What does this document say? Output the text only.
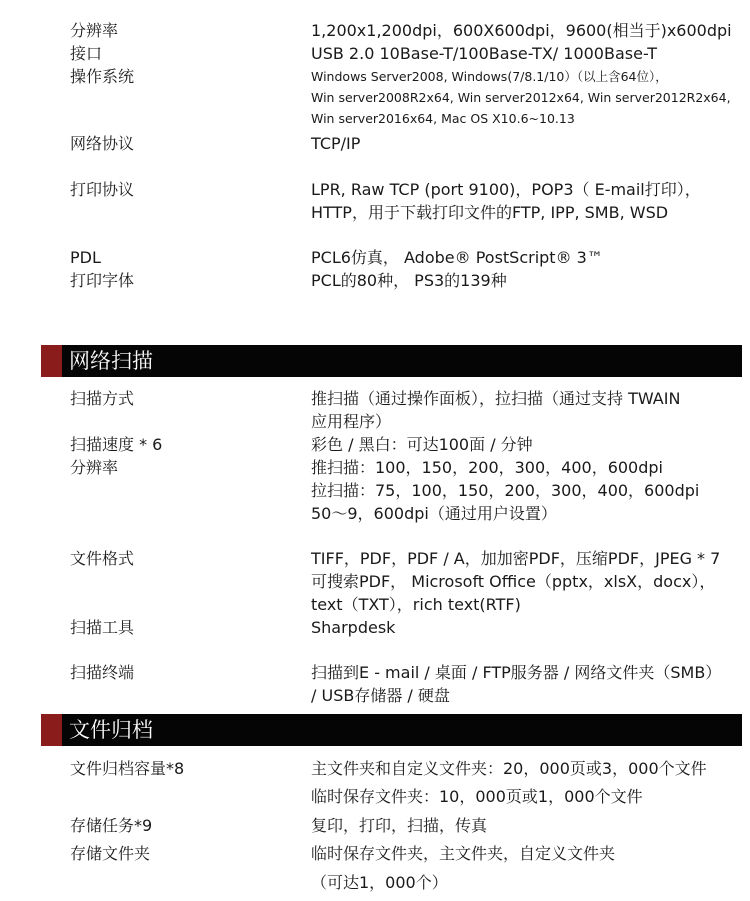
分辨率	1,200x1,200dpi，600X600dpi，9600(相当于)x600dpi
接口	USB 2.0 10Base-T/100Base-TX/ 1000Base-T
操作系统	Windows Server2008, Windows(7/8.1/10）（以上含64位），
Win server2008R2x64, Win server2012x64, Win server2012R2x64,
Win server2016x64, Mac OS X10.6~10.13
网络协议	TCP/IP
打印协议	LPR, Raw TCP (port 9100)，POP3（ E-mail打印），
HTTP，用于下载打印文件的FTP, IPP, SMB, WSD
PDL	PCL6仿真， Adobe® PostScript® 3™
打印字体	PCL的80种， PS3的139种
网络扫描
扫描方式	推扫描（通过操作面板），拉扫描（通过支持 TWAIN
应用程序）
扫描速度 * 6	彩色 / 黑白：可达100面 / 分钟
分辨率	推扫描：100，150，200，300，400，600dpi
拉扫描：75，100，150，200，300，400，600dpi
50～9，600dpi（通过用户设置）
文件格式	TIFF，PDF，PDF / A，加加密PDF，压缩PDF，JPEG * 7
可搜索PDF， Microsoft Office（pptx，xlsX，docx），
text（TXT），rich text(RTF)
扫描工具	Sharpdesk
扫描终端	扫描到E - mail / 桌面 / FTP服务器 / 网络文件夹（SMB）
/ USB存储器 / 硬盘
文件归档
文件归档容量*8	主文件夹和自定义文件夹：20，000页或3，000个文件
临时保存文件夹：10，000页或1，000个文件
存储任务*9	复印，打印，扫描，传真
存储文件夹	临时保存文件夹，主文件夹，自定义文件夹
（可达1，000个）
